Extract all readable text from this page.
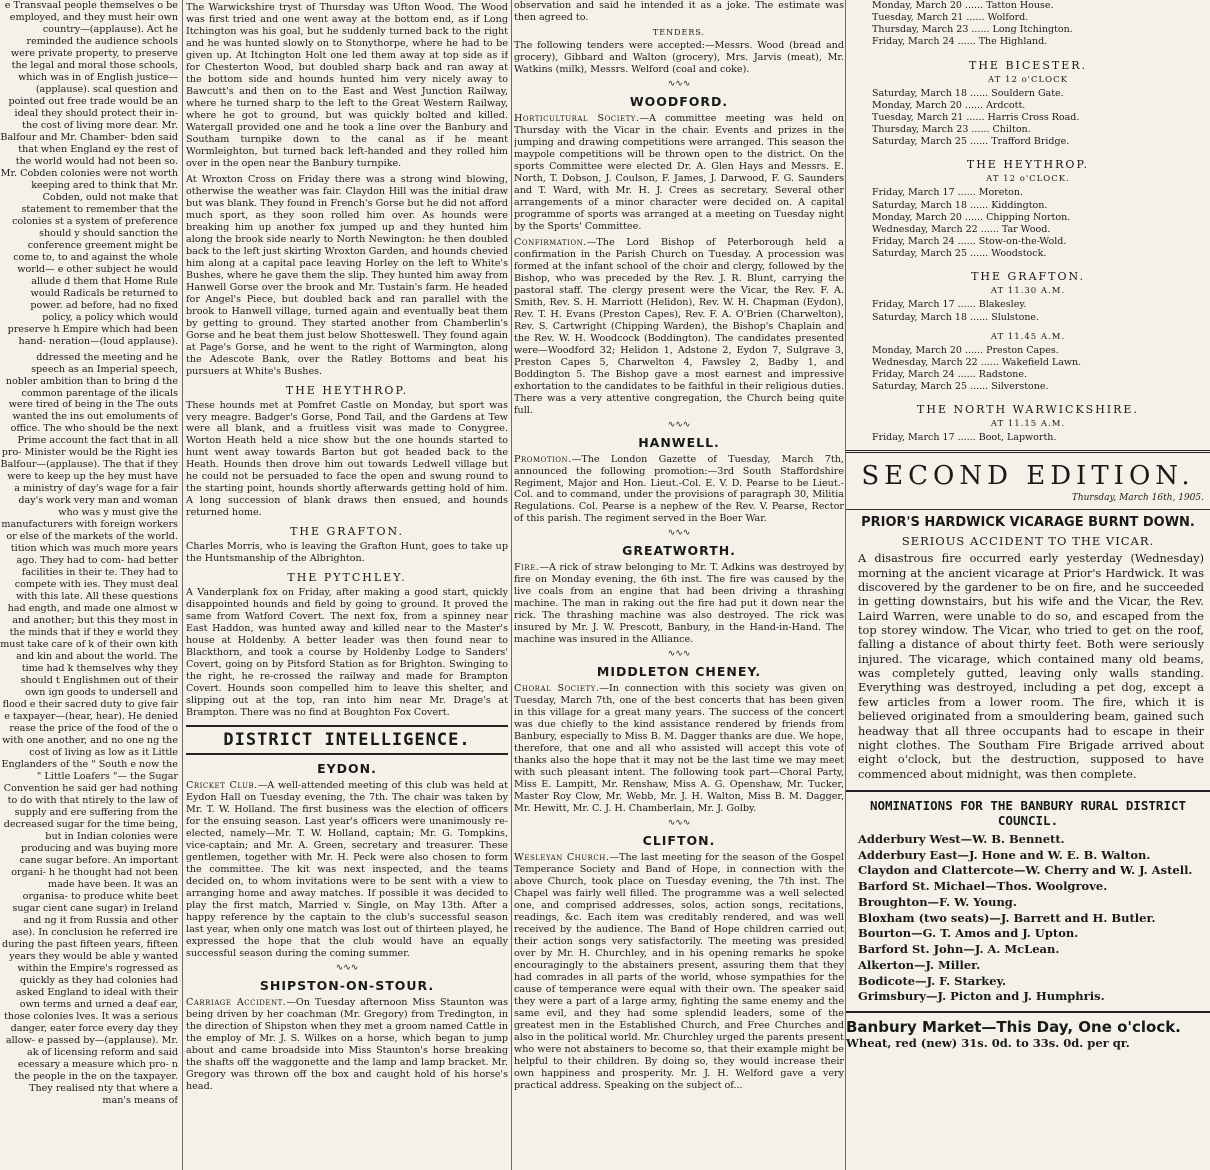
e Transvaal people themselves o be employed, and they must heir own country—(applause). Act he reminded the audience schools were private property, to preserve the legal and moral those schools, which was in of English justice—(applause). scal question and pointed out free trade would be an ideal they should protect their in- the cost of living more dear. Mr. Balfour and Mr. Chamber- bden said that when England ey the rest of the world would had not been so. Mr. Cobden colonies were not worth keeping ared to think that Mr. Cobden, ould not make that statement to remember that the colonies st a system of preference should y should sanction the conference greement might be come to, to and against the whole world— e other subject he would allude d them that Home Rule would Radicals be returned to power. ad before, had no fixed policy, a policy which would preserve h Empire which had been hand- neration—(loud applause).

ddressed the meeting and he speech as an Imperial speech, nobler ambition than to bring d the common parentage of the ilicals were tired of being in the The outs wanted the ins out emoluments of office. The who should be the next Prime account the fact that in all pro- Minister would be the Right ies Balfour—(applause). The that if they were to keep up the hey must have a ministry of day's wage for a fair day's work very man and woman who was y must give the manufacturers with foreign workers or else of the markets of the world. tition which was much more years ago. They had to com- had better facilities in their te. They had to compete with ies. They must deal with this late. All these questions had ength, and made one almost w and another; but this they most in the minds that if they e world they must take care of k of their own kith and kin and about the world. The time had k themselves why they should t Englishmen out of their own ign goods to undersell and flood e their sacred duty to give fair e taxpayer—(hear, hear). He denied rease the price of the food of the o with one another, and no one ng the cost of living as low as it Little Englanders of the " South e now the " Little Loafers "— the Sugar Convention he said ger had nothing to do with that ntirely to the law of supply and ere suffering from the decreased sugar for the time being, but in Indian colonies were producing and was buying more cane sugar before. An important organi- h he thought had not been made have been. It was an organisa- to produce white beet sugar cient cane sugar) in Ireland and ng it from Russia and other ase). In conclusion he referred ire during the past fifteen years, fifteen years they would be able y wanted within the Empire's rogressed as quickly as they had colonies had asked England to ideal with their own terms and urned a deaf ear, those colonies lves. It was a serious danger, eater force every day they allow- e passed by—(applause). Mr. ak of licensing reform and said ecessary a measure which pro- n the people in the on the taxpayer. They realised nty that where a man's means of

The Warwickshire tryst of Thursday was Ufton Wood. The Wood was first tried and one went away at the bottom end, as if Long Itchington was his goal, but he suddenly turned back to the right and he was hunted slowly on to Stonythorpe, where he had to be given up. At Itchington Holt one led them away at top side as if for Chesterton Wood, but doubled sharp back and ran away at the bottom side and hounds hunted him very nicely away to Bawcutt's and then on to the East and West Junction Railway, where he turned sharp to the left to the Great Western Railway, where he got to ground, but was quickly bolted and killed. Watergall provided one and he took a line over the Banbury and Southam turnpike down to the canal as if he meant Wormleighton, but turned back left-handed and they rolled him over in the open near the Banbury turnpike.

At Wroxton Cross on Friday there was a strong wind blowing, otherwise the weather was fair. Claydon Hill was the initial draw but was blank. They found in French's Gorse but he did not afford much sport, as they soon rolled him over. As hounds were breaking him up another fox jumped up and they hunted him along the brook side nearly to North Newington: he then doubled back to the left just skirting Wroxton Garden, and hounds chevied him along at a capital pace leaving Horley on the left to White's Bushes, where he gave them the slip. They hunted him away from Hanwell Gorse over the brook and Mr. Tustain's farm. He headed for Angel's Piece, but doubled back and ran parallel with the brook to Hanwell village, turned again and eventually beat them by getting to ground. They started another from Chamberlin's Gorse and he beat them just below Shotteswell. They found again at Page's Gorse, and he went to the right of Warmington, along the Adescote Bank, over the Ratley Bottoms and beat his pursuers at White's Bushes.

THE HEYTHROP.

These hounds met at Pomfret Castle on Monday, but sport was very meagre. Badger's Gorse, Pond Tail, and the Gardens at Tew were all blank, and a fruitless visit was made to Conygree. Worton Heath held a nice show but the one hounds started to hunt went away towards Barton but got headed back to the Heath. Hounds then drove him out towards Ledwell village but he could not be persuaded to face the open and swung round to the starting point, hounds shortly afterwards getting hold of him. A long succession of blank draws then ensued, and hounds returned home.

THE GRAFTON.

Charles Morris, who is leaving the Grafton Hunt, goes to take up the Huntsmanship of the Albrighton.

THE PYTCHLEY.

A Vanderplank fox on Friday, after making a good start, quickly disappointed hounds and field by going to ground. It proved the same from Watford Covert. The next fox, from a spinney near East Haddon, was hunted away and killed near to the Master's house at Holdenby. A better leader was then found near to Blackthorn, and took a course by Holdenby Lodge to Sanders' Covert, going on by Pitsford Station as for Brighton. Swinging to the right, he re-crossed the railway and made for Brampton Covert. Hounds soon compelled him to leave this shelter, and slipping out at the top, ran into him near Mr. Drage's at Brampton. There was no find at Boughton Fox Covert.

DISTRICT INTELLIGENCE.
EYDON.

Cricket Club.—A well-attended meeting of this club was held at Eydon Hall on Tuesday evening, the 7th. The chair was taken by Mr. T. W. Holland. The first business was the election of officers for the ensuing season. Last year's officers were unanimously re-elected, namely—Mr. T. W. Holland, captain; Mr. G. Tompkins, vice-captain; and Mr. A. Green, secretary and treasurer. These gentlemen, together with Mr. H. Peck were also chosen to form the committee. The kit was next inspected, and the teams decided on, to whom invitations were to be sent with a view to arranging home and away matches. If possible it was decided to play the first match, Married v. Single, on May 13th. After a happy reference by the captain to the club's successful season last year, when only one match was lost out of thirteen played, he expressed the hope that the club would have an equally successful season during the coming summer.

∿∿∿
SHIPSTON-ON-STOUR.

Carriage Accident.—On Tuesday afternoon Miss Staunton was being driven by her coachman (Mr. Gregory) from Tredington, in the direction of Shipston when they met a groom named Cattle in the employ of Mr. J. S. Wilkes on a horse, which began to jump about and came broadside into Miss Staunton's horse breaking the shafts off the waggonette and the lamp and lamp bracket. Mr. Gregory was thrown off the box and caught hold of his horse's head.

observation and said he intended it as a joke. The estimate was then agreed to.

TENDERS.

The following tenders were accepted:—Messrs. Wood (bread and grocery), Gibbard and Walton (grocery), Mrs. Jarvis (meat), Mr. Watkins (milk), Messrs. Welford (coal and coke).

∿∿∿
WOODFORD.

Horticultural Society.—A committee meeting was held on Thursday with the Vicar in the chair. Events and prizes in the jumping and drawing competitions were arranged. This season the maypole competitions will be thrown open to the district. On the sports Committee were elected Dr. A. Glen Hays and Messrs. E. North, T. Dobson, J. Coulson, F. James, J. Darwood, F. G. Saunders and T. Ward, with Mr. H. J. Crees as secretary. Several other arrangements of a minor character were decided on. A capital programme of sports was arranged at a meeting on Tuesday night by the Sports' Committee.

Confirmation.—The Lord Bishop of Peterborough held a confirmation in the Parish Church on Tuesday. A procession was formed at the infant school of the choir and clergy, followed by the Bishop, who was preceded by the Rev. J. R. Blunt, carrying the pastoral staff. The clergy present were the Vicar, the Rev. F. A. Smith, Rev. S. H. Marriott (Helidon), Rev. W. H. Chapman (Eydon), Rev. T. H. Evans (Preston Capes), Rev. F. A. O'Brien (Charwelton), Rev. S. Cartwright (Chipping Warden), the Bishop's Chaplain and the Rev. W. H. Woodcock (Boddington). The candidates presented were—Woodford 32; Helidon 1, Adstone 2, Eydon 7, Sulgrave 3, Preston Capes 5, Charwelton 4, Fawsley 2, Badby 1, and Boddington 5. The Bishop gave a most earnest and impressive exhortation to the candidates to be faithful in their religious duties. There was a very attentive congregation, the Church being quite full.

∿∿∿
HANWELL.

Promotion.—The London Gazette of Tuesday, March 7th, announced the following promotion:—3rd South Staffordshire Regiment, Major and Hon. Lieut.-Col. E. V. D. Pearse to be Lieut.-Col. and to command, under the provisions of paragraph 30, Militia Regulations. Col. Pearse is a nephew of the Rev. V. Pearse, Rector of this parish. The regiment served in the Boer War.

∿∿∿
GREATWORTH.

Fire.—A rick of straw belonging to Mr. T. Adkins was destroyed by fire on Monday evening, the 6th inst. The fire was caused by the live coals from an engine that had been driving a thrashing machine. The man in raking out the fire had put it down near the rick. The thrashing machine was also destroyed. The rick was insured by Mr. J. W. Prescott, Banbury, in the Hand-in-Hand. The machine was insured in the Alliance.

∿∿∿
MIDDLETON CHENEY.

Choral Society.—In connection with this society was given on Tuesday, March 7th, one of the best concerts that has been given in this village for a great many years. The success of the concert was due chiefly to the kind assistance rendered by friends from Banbury, especially to Miss B. M. Dagger thanks are due. We hope, therefore, that one and all who assisted will accept this vote of thanks also the hope that it may not be the last time we may meet with such pleasant intent. The following took part—Choral Party, Miss E. Lampitt, Mr. Renshaw, Miss A. G. Openshaw, Mr. Tucker, Master Roy Clow, Mr. Webb, Mr. J. H. Walton, Miss B. M. Dagger, Mr. Hewitt, Mr. C. J. H. Chamberlain, Mr. J. Golby.

∿∿∿
CLIFTON.

Wesleyan Church.—The last meeting for the season of the Gospel Temperance Society and Band of Hope, in connection with the above Church, took place on Tuesday evening, the 7th inst. The Chapel was fairly well filled. The programme was a well selected one, and comprised addresses, solos, action songs, recitations, readings, &c. Each item was creditably rendered, and was well received by the audience. The Band of Hope children carried out their action songs very satisfactorily. The meeting was presided over by Mr. H. Churchley, and in his opening remarks he spoke encouragingly to the abstainers present, assuring them that they had comrades in all parts of the world, whose sympathies for the cause of temperance were equal with their own. The speaker said they were a part of a large army, fighting the same enemy and the same evil, and they had some splendid leaders, some of the greatest men in the Established Church, and Free Churches and also in the political world. Mr. Churchley urged the parents present who were not abstainers to become so, that their example might be helpful to their children. By doing so, they would increase their own happiness and prosperity. Mr. J. H. Welford gave a very practical address. Speaking on the subject of...

Monday, March 20 ...... Tatton House.
Tuesday, March 21 ...... Wolford.
Thursday, March 23 ...... Long Itchington.
Friday, March 24 ...... The Highland.
THE BICESTER.
AT 12 o'CLOCK
Saturday, March 18 ...... Souldern Gate.
Monday, March 20 ...... Ardcott.
Tuesday, March 21 ...... Harris Cross Road.
Thursday, March 23 ...... Chilton.
Saturday, March 25 ...... Trafford Bridge.
THE HEYTHROP.
AT 12 o'CLOCK.
Friday, March 17 ...... Moreton.
Saturday, March 18 ...... Kiddington.
Monday, March 20 ...... Chipping Norton.
Wednesday, March 22 ...... Tar Wood.
Friday, March 24 ...... Stow-on-the-Wold.
Saturday, March 25 ...... Woodstock.
THE GRAFTON.
AT 11.30 A.M.
Friday, March 17 ...... Blakesley.
Saturday, March 18 ...... Slulstone.
AT 11.45 A.M.
Monday, March 20 ...... Preston Capes.
Wednesday, March 22 ...... Wakefield Lawn.
Friday, March 24 ...... Radstone.
Saturday, March 25 ...... Silverstone.
THE NORTH WARWICKSHIRE.
AT 11.15 A.M.
Friday, March 17 ...... Boot, Lapworth.
SECOND EDITION.
Thursday, March 16th, 1905.
PRIOR'S HARDWICK VICARAGE BURNT DOWN.
SERIOUS ACCIDENT TO THE VICAR.

A disastrous fire occurred early yesterday (Wednesday) morning at the ancient vicarage at Prior's Hardwick. It was discovered by the gardener to be on fire, and he succeeded in getting downstairs, but his wife and the Vicar, the Rev. Laird Warren, were unable to do so, and escaped from the top storey window. The Vicar, who tried to get on the roof, falling a distance of about thirty feet. Both were seriously injured. The vicarage, which contained many old beams, was completely gutted, leaving only walls standing. Everything was destroyed, including a pet dog, except a few articles from a lower room. The fire, which it is believed originated from a smouldering beam, gained such headway that all three occupants had to escape in their night clothes. The Southam Fire Brigade arrived about eight o'clock, but the destruction, supposed to have commenced about midnight, was then complete.

NOMINATIONS FOR THE BANBURY RURAL DISTRICT COUNCIL.
Adderbury West—W. B. Bennett.
Adderbury East—J. Hone and W. E. B. Walton.
Claydon and Clattercote—W. Cherry and W. J. Astell.
Barford St. Michael—Thos. Woolgrove.
Broughton—F. W. Young.
Bloxham (two seats)—J. Barrett and H. Butler.
Bourton—G. T. Amos and J. Upton.
Barford St. John—J. A. McLean.
Alkerton—J. Miller.
Bodicote—J. F. Starkey.
Grimsbury—J. Picton and J. Humphris.
Banbury Market—This Day, One o'clock.
Wheat, red (new) 31s. 0d. to 33s. 0d. per qr.
